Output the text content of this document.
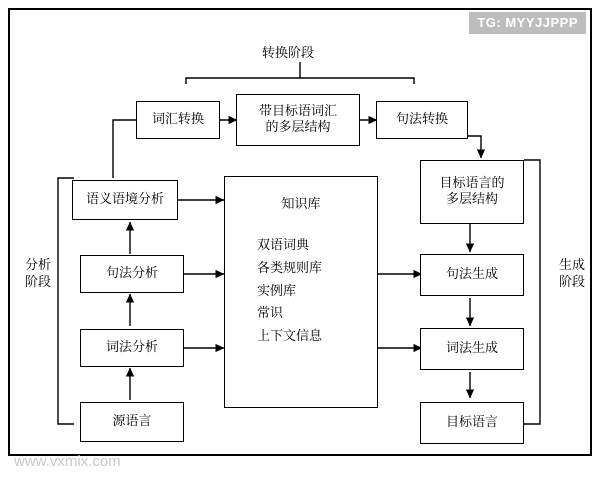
TG: MYYJJPPP
www.vxmix.com
转换阶段
分析
阶段
生成
阶段
词汇转换
带目标语词汇
的多层结构
句法转换
语义语境分析
句法分析
词法分析
源语言
知识库
双语词典
各类规则库
实例库
常识
上下文信息
目标语言的
多层结构
句法生成
词法生成
目标语言
